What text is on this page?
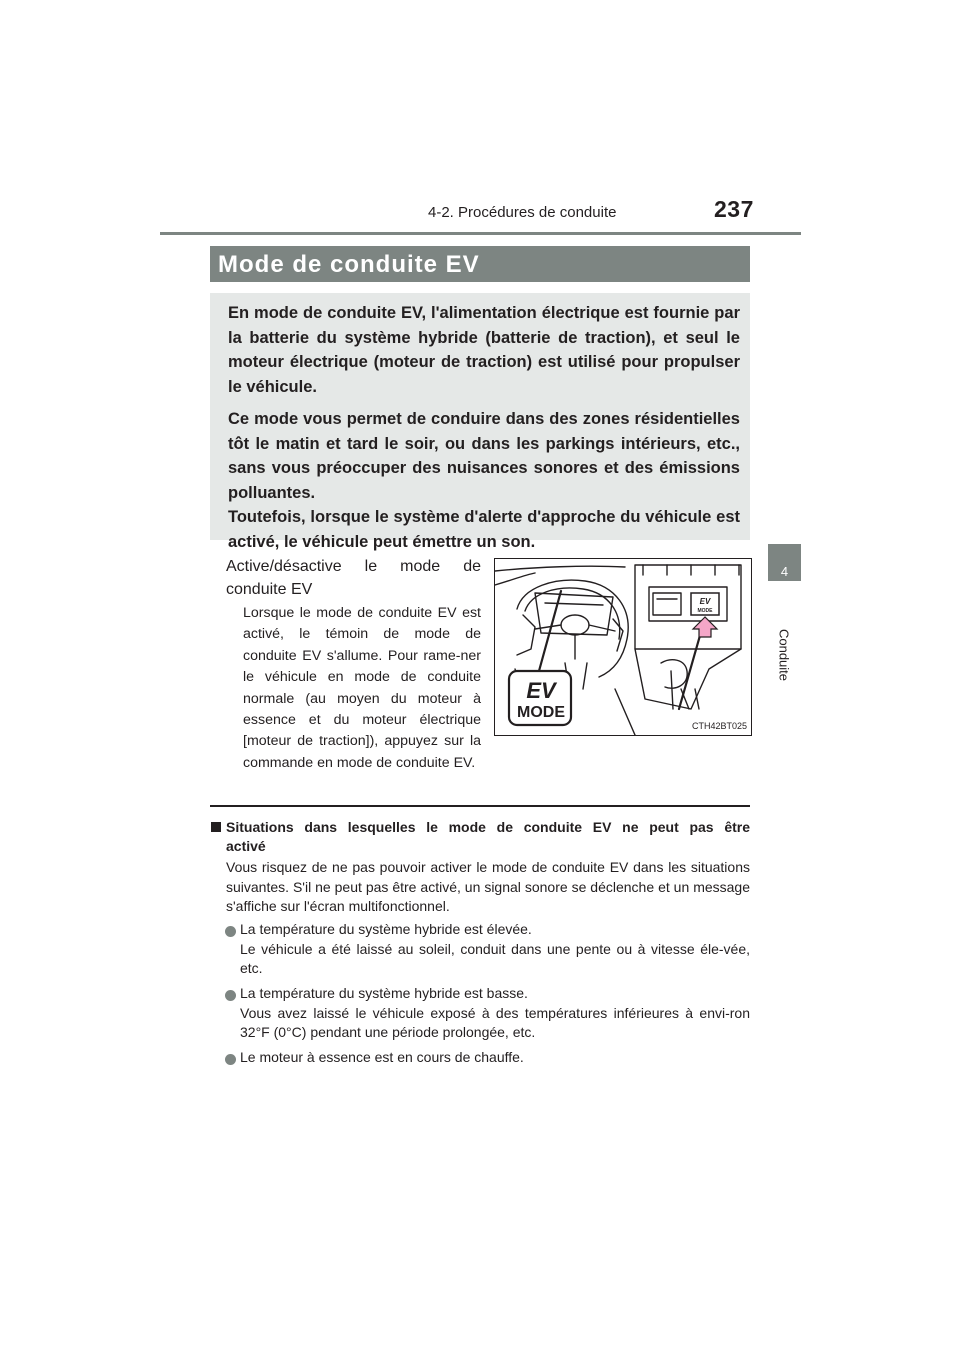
4-2. Procédures de conduite	237
4
Conduite
Mode de conduite EV

En mode de conduite EV, l'alimentation électrique est fournie par la batterie du système hybride (batterie de traction), et seul le moteur électrique (moteur de traction) est utilisé pour propulser le véhicule.

Ce mode vous permet de conduire dans des zones résidentielles tôt le matin et tard le soir, ou dans les parkings intérieurs, etc., sans vous préoccuper des nuisances sonores et des émissions polluantes.

Toutefois, lorsque le système d'alerte d'approche du véhicule est activé, le véhicule peut émettre un son.

Active/désactive le mode de conduite EV
Lorsque le mode de conduite EV est activé, le témoin de mode de conduite EV s'allume. Pour rame-ner le véhicule en mode de conduite normale (au moyen du moteur à essence et du moteur électrique [moteur de traction]), appuyez sur la commande en mode de conduite EV.
EV
MODE
EV
MODE
CTH42BT025
Situations dans lesquelles le mode de conduite EV ne peut pas être activé
Vous risquez de ne pas pouvoir activer le mode de conduite EV dans les situations suivantes. S'il ne peut pas être activé, un signal sonore se déclenche et un message s'affiche sur l'écran multifonctionnel.

La température du système hybride est élevée.

Le véhicule a été laissé au soleil, conduit dans une pente ou à vitesse éle-vée, etc.

La température du système hybride est basse.

Vous avez laissé le véhicule exposé à des températures inférieures à envi-ron 32°F (0°C) pendant une période prolongée, etc.

Le moteur à essence est en cours de chauffe.
